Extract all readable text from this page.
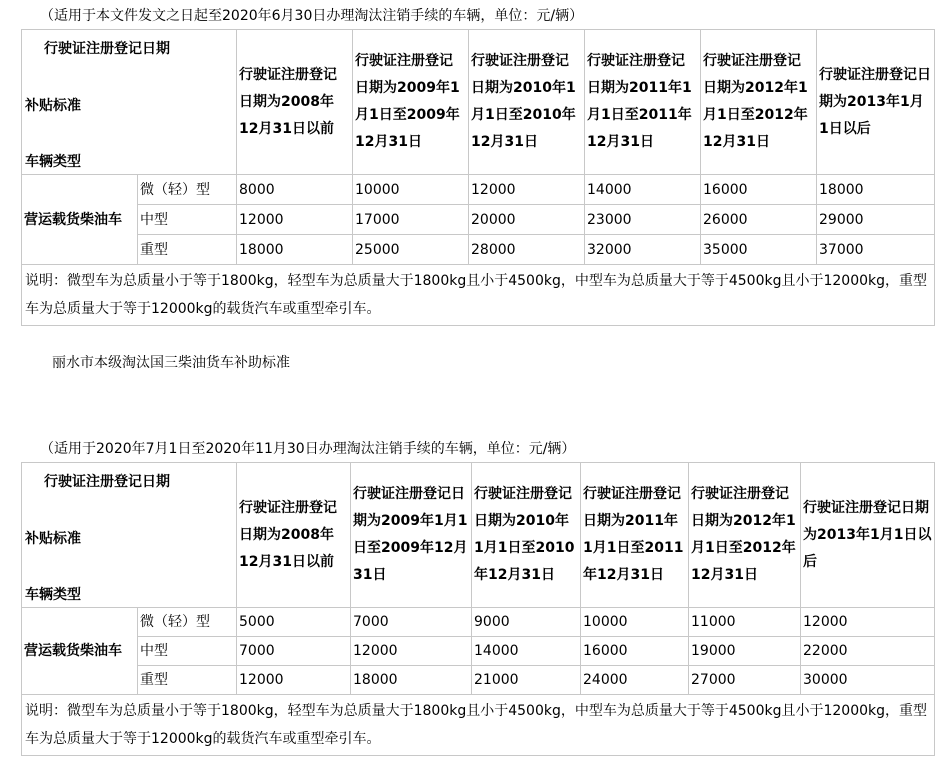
（适用于本文件发文之日起至2020年6月30日办理淘汰注销手续的车辆，单位：元/辆）
行驶证注册登记日期
补贴标准
车辆类型		行驶证注册登记日期为2008年12月31日以前	行驶证注册登记日期为2009年1月1日至2009年12月31日	行驶证注册登记日期为2010年1月1日至2010年12月31日	行驶证注册登记日期为2011年1月1日至2011年12月31日	行驶证注册登记日期为2012年1月1日至2012年12月31日	行驶证注册登记日期为2013年1月1日以后
营运载货柴油车	微（轻）型	8000	10000	12000	14000	16000	18000
	中型	12000	17000	20000	23000	26000	29000
	重型	18000	25000	28000	32000	35000	37000
说明：微型车为总质量小于等于1800kg，轻型车为总质量大于1800kg且小于4500kg，中型车为总质量大于等于4500kg且小于12000kg，重型车为总质量大于等于12000kg的载货汽车或重型牵引车。							
丽水市本级淘汰国三柴油货车补助标准
（适用于2020年7月1日至2020年11月30日办理淘汰注销手续的车辆，单位：元/辆）
行驶证注册登记日期
补贴标准
车辆类型		行驶证注册登记日期为2008年12月31日以前	行驶证注册登记日期为2009年1月1日至2009年12月31日	行驶证注册登记日期为2010年1月1日至2010年12月31日	行驶证注册登记日期为2011年1月1日至2011年12月31日	行驶证注册登记日期为2012年1月1日至2012年12月31日	行驶证注册登记日期为2013年1月1日以后
营运载货柴油车	微（轻）型	5000	7000	9000	10000	11000	12000
	中型	7000	12000	14000	16000	19000	22000
	重型	12000	18000	21000	24000	27000	30000
说明：微型车为总质量小于等于1800kg，轻型车为总质量大于1800kg且小于4500kg，中型车为总质量大于等于4500kg且小于12000kg，重型车为总质量大于等于12000kg的载货汽车或重型牵引车。							
